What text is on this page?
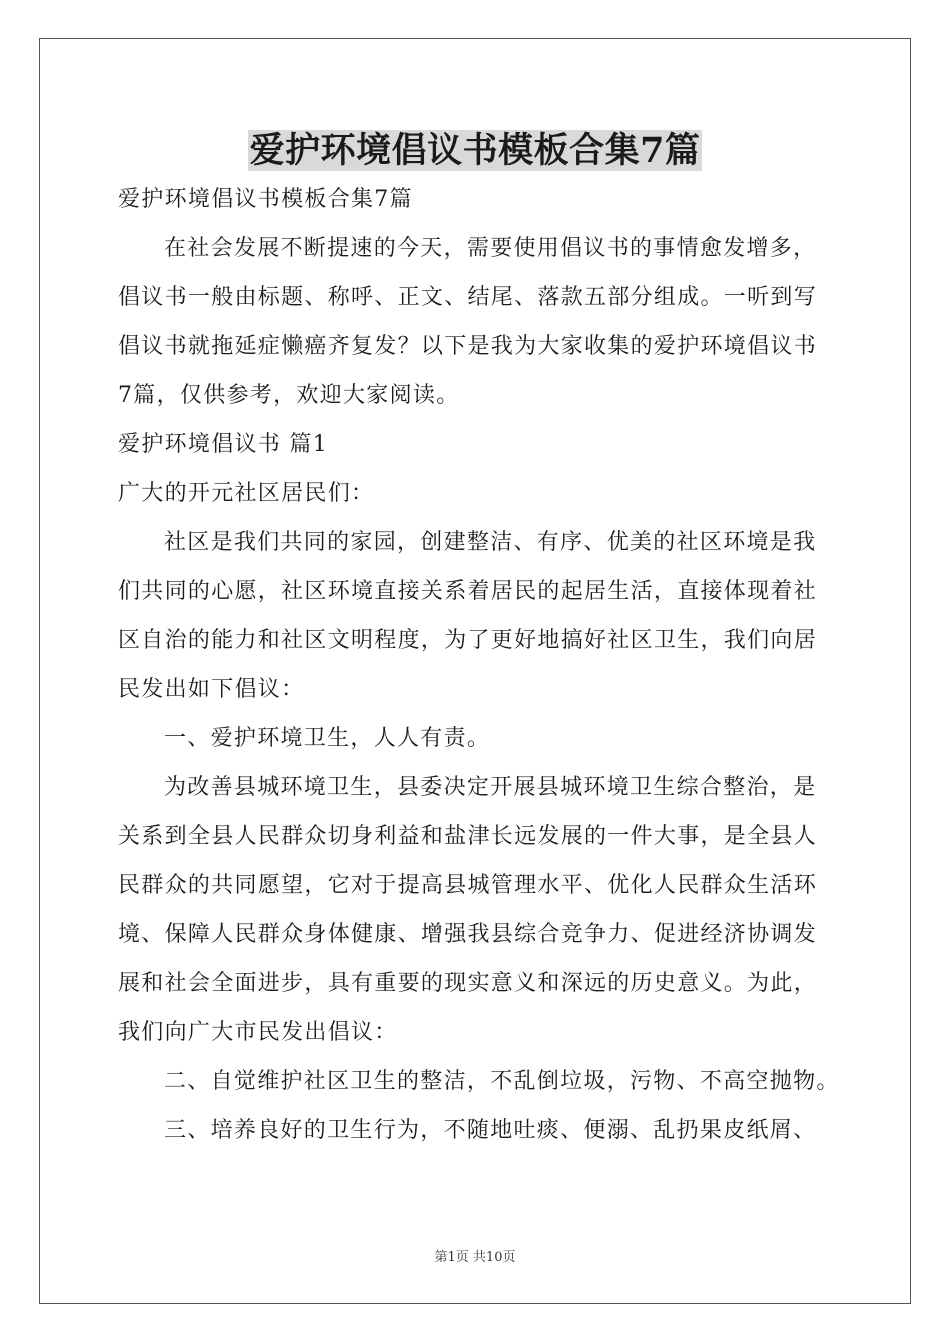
爱护环境倡议书模板合集7篇
爱护环境倡议书模板合集7篇
在社会发展不断提速的今天，需要使用倡议书的事情愈发增多，
倡议书一般由标题、称呼、正文、结尾、落款五部分组成。一听到写
倡议书就拖延症懒癌齐复发？以下是我为大家收集的爱护环境倡议书
7篇，仅供参考，欢迎大家阅读。
爱护环境倡议书 篇1
广大的开元社区居民们：
社区是我们共同的家园，创建整洁、有序、优美的社区环境是我
们共同的心愿，社区环境直接关系着居民的起居生活，直接体现着社
区自治的能力和社区文明程度，为了更好地搞好社区卫生，我们向居
民发出如下倡议：
一、爱护环境卫生，人人有责。
为改善县城环境卫生，县委决定开展县城环境卫生综合整治，是
关系到全县人民群众切身利益和盐津长远发展的一件大事，是全县人
民群众的共同愿望，它对于提高县城管理水平、优化人民群众生活环
境、保障人民群众身体健康、增强我县综合竞争力、促进经济协调发
展和社会全面进步，具有重要的现实意义和深远的历史意义。为此，
我们向广大市民发出倡议：
二、自觉维护社区卫生的整洁，不乱倒垃圾，污物、不高空抛物。
三、培养良好的卫生行为，不随地吐痰、便溺、乱扔果皮纸屑、
第1页 共10页
